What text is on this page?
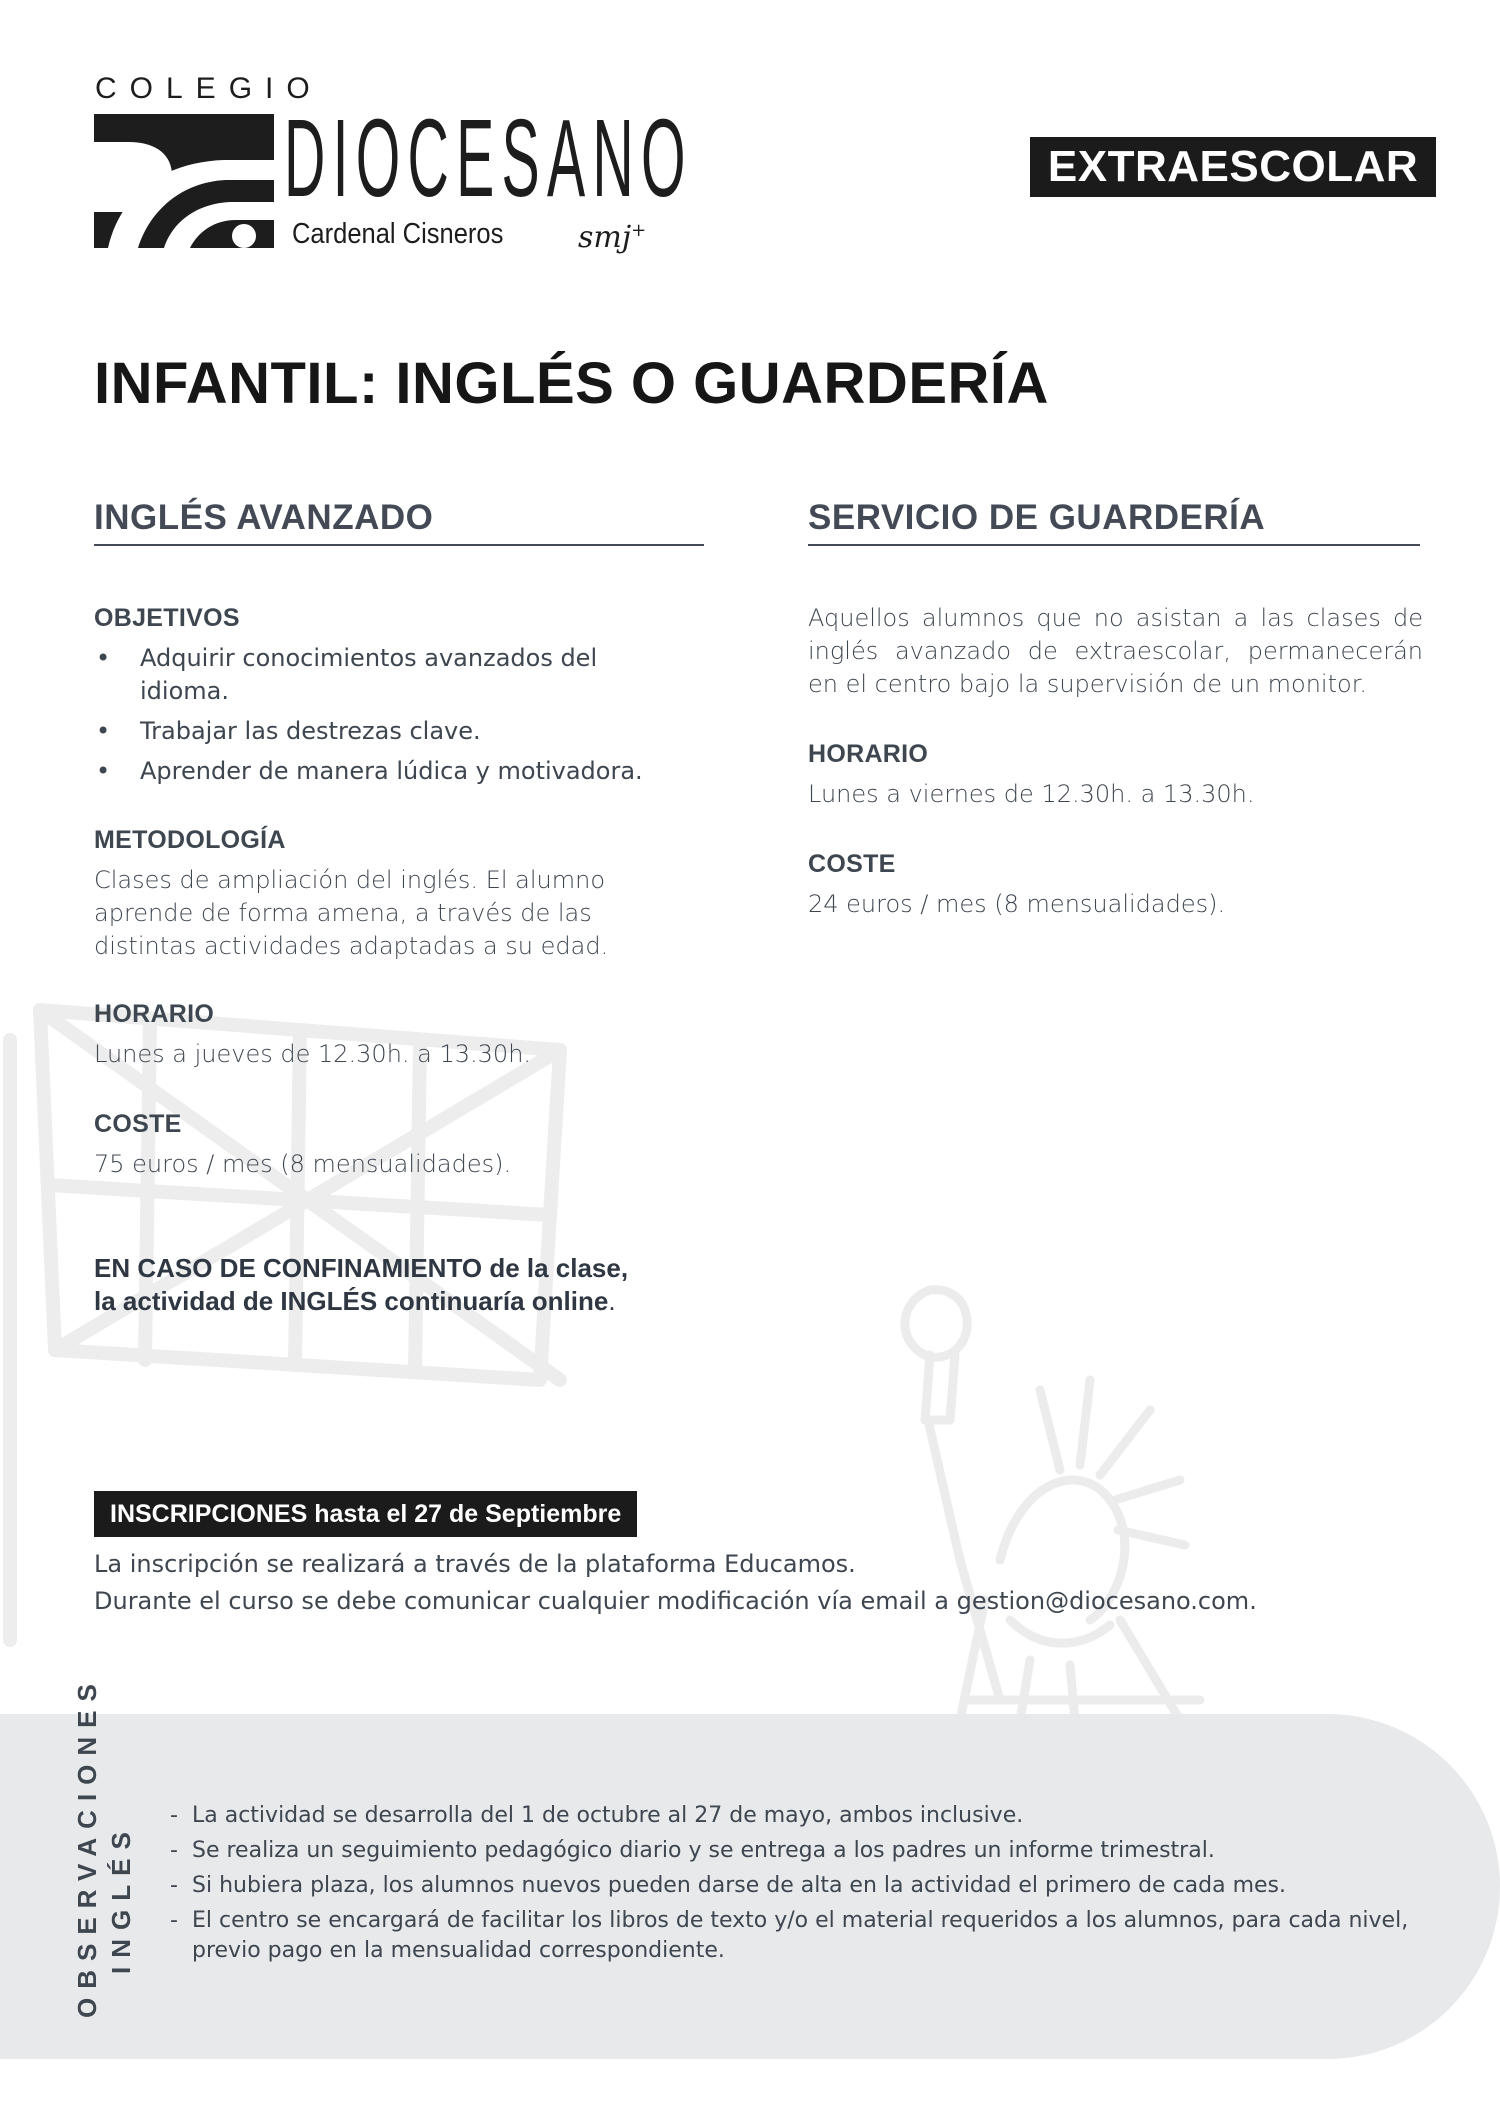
COLEGIO
DIOCESANO
Cardenal Cisneros smj+
EXTRAESCOLAR
INFANTIL: INGLÉS O GUARDERÍA
INGLÉS AVANZADO
OBJETIVOS
• Adquirir conocimientos avanzados del idioma.
• Trabajar las destrezas clave.
• Aprender de manera lúdica y motivadora.
METODOLOGÍA
Clases de ampliación del inglés. El alumno aprende de forma amena, a través de las distintas actividades adaptadas a su edad.
HORARIO
Lunes a jueves de 12.30h. a 13.30h.
COSTE
75 euros / mes (8 mensualidades).
EN CASO DE CONFINAMIENTO de la clase, la actividad de INGLÉS continuaría online.
SERVICIO DE GUARDERÍA
Aquellos alumnos que no asistan a las clases de inglés avanzado de extraescolar, permanecerán en el centro bajo la supervisión de un monitor.
HORARIO
Lunes a viernes de 12.30h. a 13.30h.
COSTE
24 euros / mes (8 mensualidades).
INSCRIPCIONES hasta el 27 de Septiembre
La inscripción se realizará a través de la plataforma Educamos.
Durante el curso se debe comunicar cualquier modificación vía email a gestion@diocesano.com.
OBSERVACIONES INGLÉS
- La actividad se desarrolla del 1 de octubre al 27 de mayo, ambos inclusive.
- Se realiza un seguimiento pedagógico diario y se entrega a los padres un informe trimestral.
- Si hubiera plaza, los alumnos nuevos pueden darse de alta en la actividad el primero de cada mes.
- El centro se encargará de facilitar los libros de texto y/o el material requeridos a los alumnos, para cada nivel, previo pago en la mensualidad correspondiente.
